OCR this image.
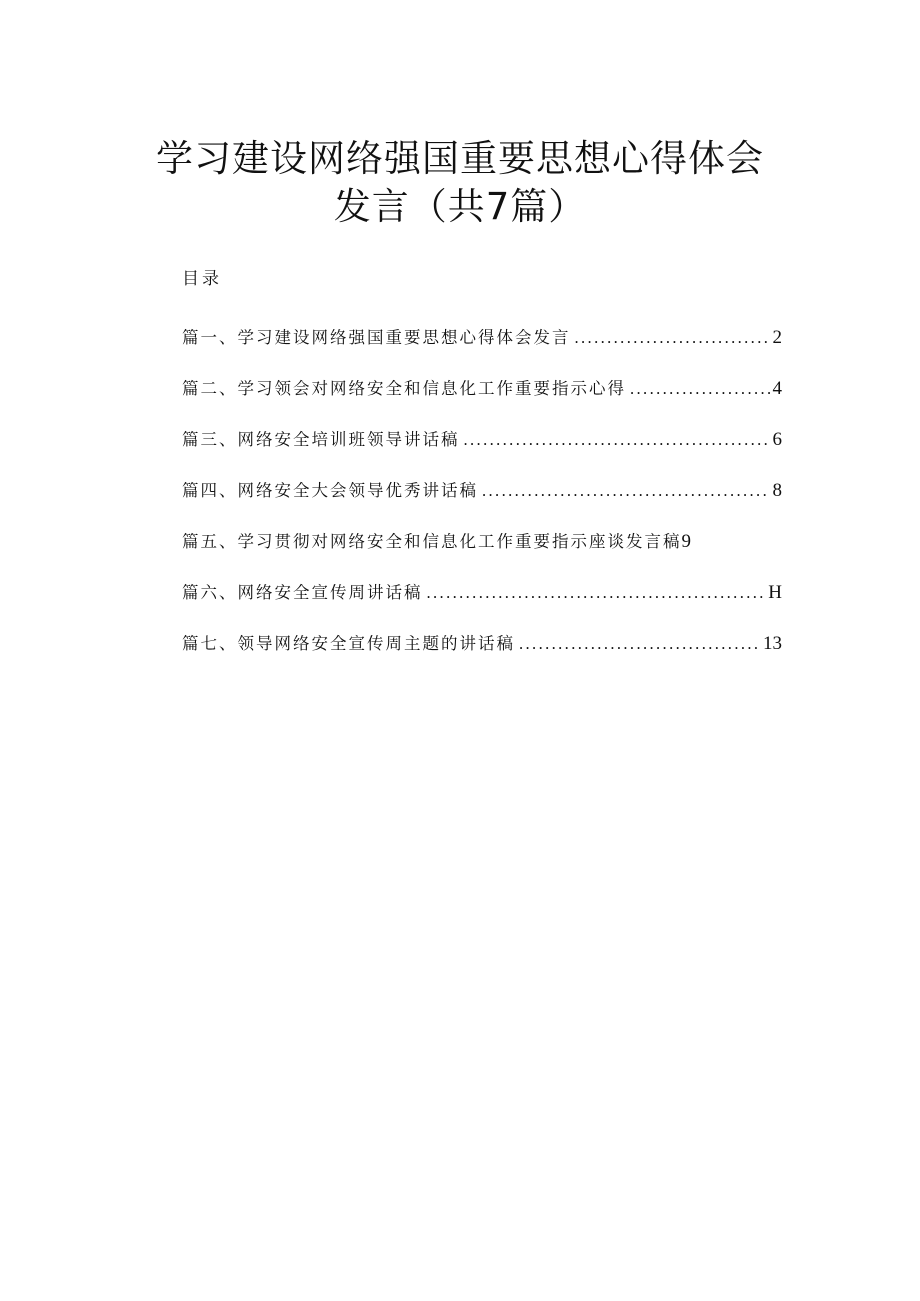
学习建设网络强国重要思想心得体会
发言（共7篇）
目录
篇一、学习建设网络强国重要思想心得体会发言 .....	2
篇二、学习领会对网络安全和信息化工作重要指示心得 .....	4
篇三、网络安全培训班领导讲话稿 .....	6
篇四、网络安全大会领导优秀讲话稿 .....	8
篇五、学习贯彻对网络安全和信息化工作重要指示座谈发言稿 9
篇六、网络安全宣传周讲话稿 .....	H
篇七、领导网络安全宣传周主题的讲话稿 .....	13
